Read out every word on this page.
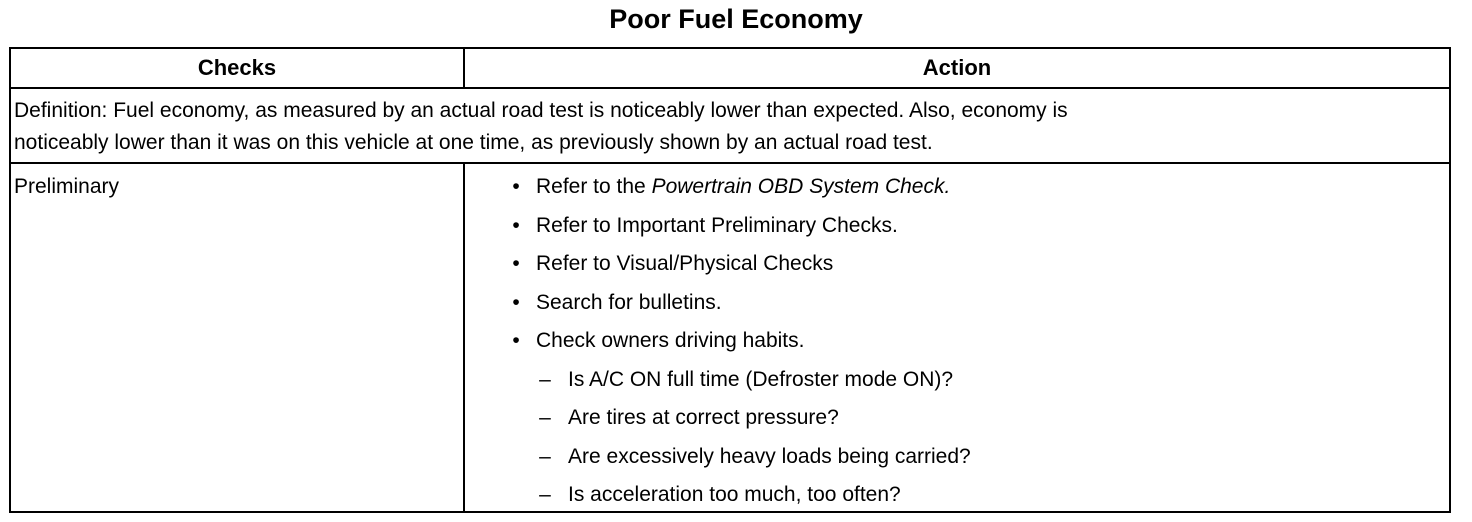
Poor Fuel Economy
Checks	Action
Definition: Fuel economy, as measured by an actual road test is noticeably lower than expected. Also, economy is
noticeably lower than it was on this vehicle at one time, as previously shown by an actual road test.
Preliminary	• Refer to the Powertrain OBD System Check.
• Refer to Important Preliminary Checks.
• Refer to Visual/Physical Checks
• Search for bulletins.
• Check owners driving habits.
– Is A/C ON full time (Defroster mode ON)?
– Are tires at correct pressure?
– Are excessively heavy loads being carried?
– Is acceleration too much, too often?
